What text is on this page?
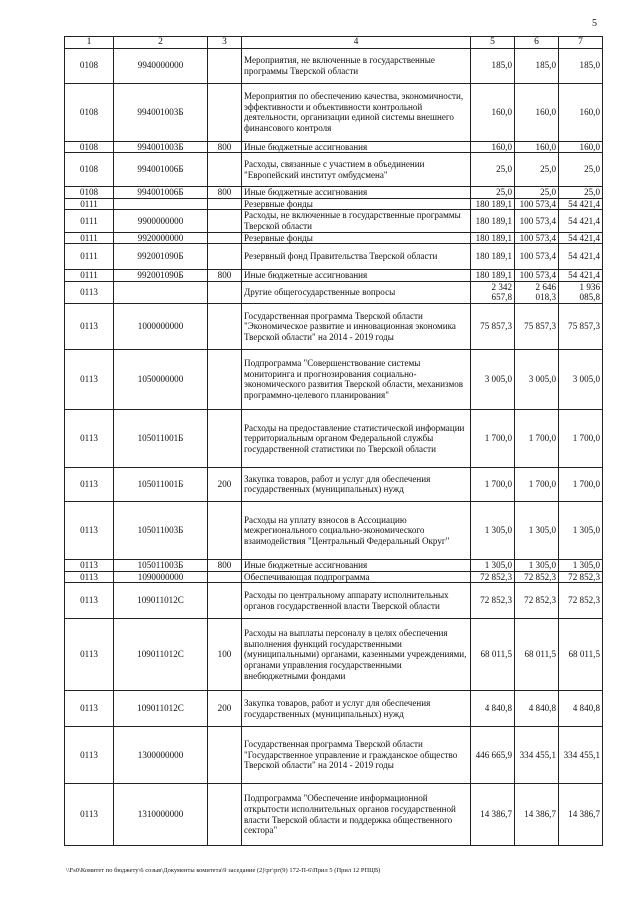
5
1	2	3	4	5	6	7
0108	9940000000		Мероприятия, не включенные в государственные программы Тверской области	185,0	185,0	185,0
0108	994001003Б		Мероприятия по обеспечению качества, экономичности, эффективности и объективности контрольной деятельности, организации единой системы внешнего финансового контроля	160,0	160,0	160,0
0108	994001003Б	800	Иные бюджетные ассигнования	160,0	160,0	160,0
0108	994001006Б		Расходы, связанные с участием в объединении "Европейский институт омбудсмена"	25,0	25,0	25,0
0108	994001006Б	800	Иные бюджетные ассигнования	25,0	25,0	25,0
0111			Резервные фонды	180 189,1	100 573,4	54 421,4
0111	9900000000		Расходы, не включенные в государственные программы Тверской области	180 189,1	100 573,4	54 421,4
0111	9920000000		Резервные фонды	180 189,1	100 573,4	54 421,4
0111	992001090Б		Резервный фонд Правительства Тверской области	180 189,1	100 573,4	54 421,4
0111	992001090Б	800	Иные бюджетные ассигнования	180 189,1	100 573,4	54 421,4
0113			Другие общегосударственные вопросы	2 342 657,8	2 646 018,3	1 936 085,8
0113	1000000000		Государственная программа Тверской области "Экономическое развитие и инновационная экономика Тверской области" на 2014 - 2019 годы	75 857,3	75 857,3	75 857,3
0113	1050000000		Подпрограмма "Совершенствование системы мониторинга и прогнозирования социально-экономического развития Тверской области, механизмов программно-целевого планирования"	3 005,0	3 005,0	3 005,0
0113	105011001Б		Расходы на предоставление статистической информации территориальным органом Федеральной службы государственной статистики по Тверской области	1 700,0	1 700,0	1 700,0
0113	105011001Б	200	Закупка товаров, работ и услуг для обеспечения государственных (муниципальных) нужд	1 700,0	1 700,0	1 700,0
0113	105011003Б		Расходы на уплату взносов в Ассоциацию межрегионального социально-экономического взаимодействия "Центральный Федеральный Округ"	1 305,0	1 305,0	1 305,0
0113	105011003Б	800	Иные бюджетные ассигнования	1 305,0	1 305,0	1 305,0
0113	1090000000		Обеспечивающая подпрограмма	72 852,3	72 852,3	72 852,3
0113	109011012С		Расходы по центральному аппарату исполнительных органов государственной власти Тверской области	72 852,3	72 852,3	72 852,3
0113	109011012С	100	Расходы на выплаты персоналу в целях обеспечения выполнения функций государственными (муниципальными) органами, казенными учреждениями, органами управления государственными внебюджетными фондами	68 011,5	68 011,5	68 011,5
0113	109011012С	200	Закупка товаров, работ и услуг для обеспечения государственных (муниципальных) нужд	4 840,8	4 840,8	4 840,8
0113	1300000000		Государственная программа Тверской области "Государственное управление и гражданское общество Тверской области" на 2014 - 2019 годы	446 665,9	334 455,1	334 455,1
0113	1310000000		Подпрограмма "Обеспечение информационной открытости исполнительных органов государственной власти Тверской области и поддержка общественного сектора"	14 386,7	14 386,7	14 386,7
\\Fs0\Комитет по бюджету\6 созыв\Документы комитета\9 заседание (2)\рг\рг(9) 172-П-6\Прил 5 (Прил 12 РПЦВ)
